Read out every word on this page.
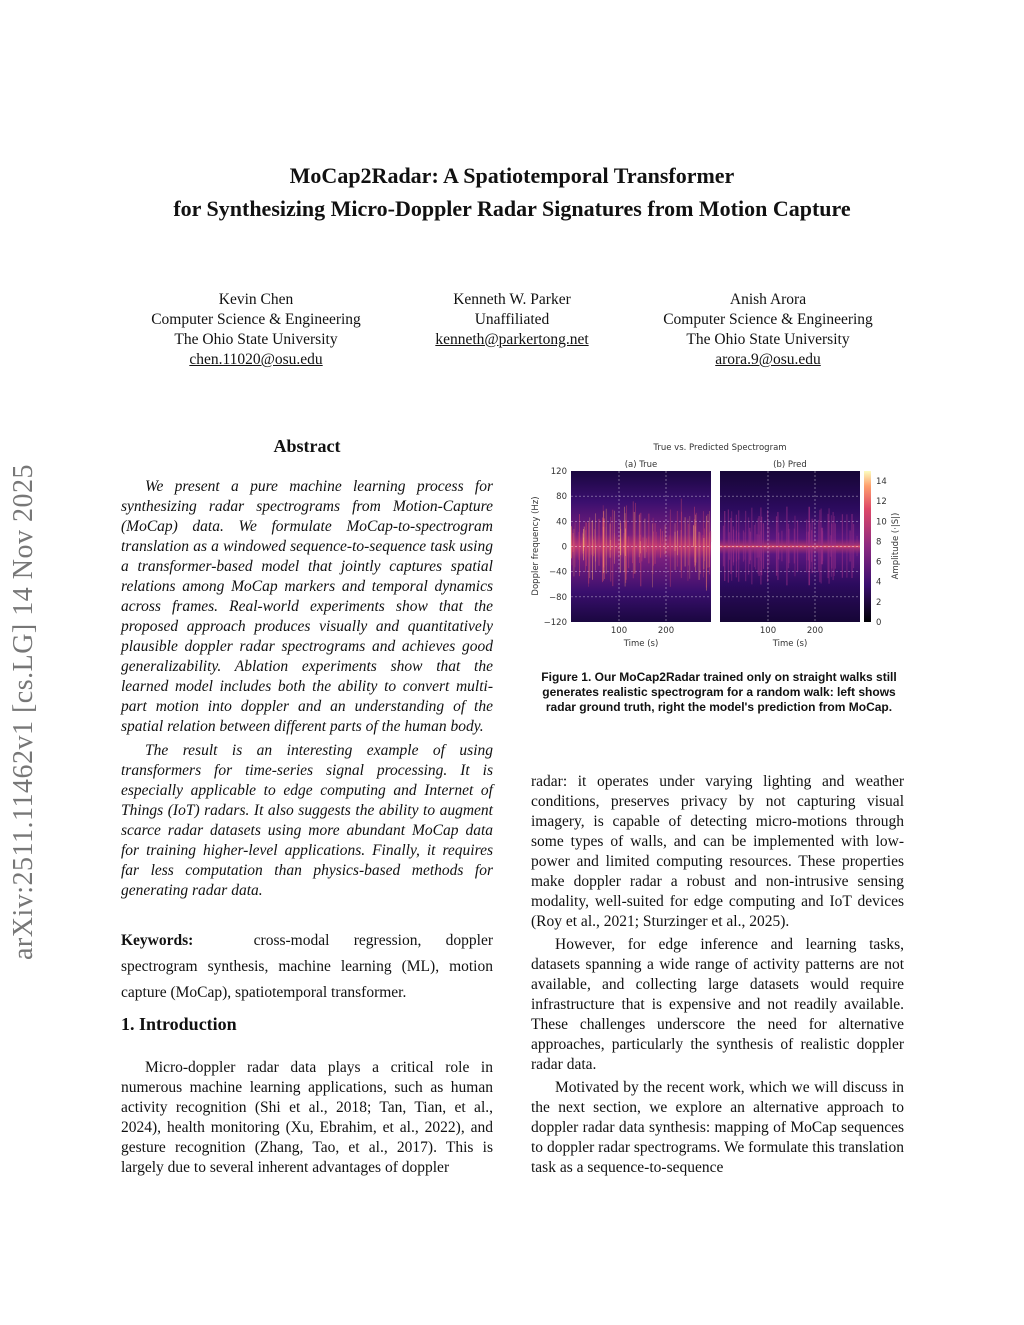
arXiv:2511.11462v1 [cs.LG] 14 Nov 2025
MoCap2Radar: A Spatiotemporal Transformer
for Synthesizing Micro-Doppler Radar Signatures from Motion Capture
Kevin Chen
Computer Science & Engineering
The Ohio State University
chen.11020@osu.edu
Kenneth W. Parker
Unaffiliated
kenneth@parkertong.net
Anish Arora
Computer Science & Engineering
The Ohio State University
arora.9@osu.edu
Abstract

We present a pure machine learning process for synthesizing radar spectrograms from Motion-Capture (MoCap) data. We formulate MoCap-to-spectrogram translation as a windowed sequence-to-sequence task using a transformer-based model that jointly captures spatial relations among MoCap markers and temporal dynamics across frames. Real-world experiments show that the proposed approach produces visually and quantitatively plausible doppler radar spectrograms and achieves good generalizability. Ablation experiments show that the learned model includes both the ability to convert multi-part motion into doppler and an understanding of the spatial relation between different parts of the human body.

The result is an interesting example of using transformers for time-series signal processing. It is especially applicable to edge computing and Internet of Things (IoT) radars. It also suggests the ability to augment scarce radar datasets using more abundant MoCap data for training higher-level applications. Finally, it requires far less computation than physics-based methods for generating radar data.

Keywords:	cross-modal regression, doppler spectrogram synthesis, machine learning (ML), motion capture (MoCap), spatiotemporal transformer.
1. Introduction

Micro-doppler radar data plays a critical role in numerous machine learning applications, such as human activity recognition (Shi et al., 2018; Tan, Tian, et al., 2024), health monitoring (Xu, Ebrahim, et al., 2022), and gesture recognition (Zhang, Tao, et al., 2017). This is largely due to several inherent advantages of doppler

True vs. Predicted Spectrogram
(a) True	(b) Pred
120
80
40
0
−40
−80
−120
100	200	100	200
Time (s)	Time (s)
Doppler frequency (Hz)
14
12
10
8
6
4
2
0
Amplitude (·|S|)
Figure 1. Our MoCap2Radar trained only on straight walks still generates realistic spectrogram for a random walk: left shows radar ground truth, right the model's prediction from MoCap.

radar: it operates under varying lighting and weather conditions, preserves privacy by not capturing visual imagery, is capable of detecting micro-motions through some types of walls, and can be implemented with low-power and limited computing resources. These properties make doppler radar a robust and non-intrusive sensing modality, well-suited for edge computing and IoT devices (Roy et al., 2021; Sturzinger et al., 2025).

However, for edge inference and learning tasks, datasets spanning a wide range of activity patterns are not available, and collecting large datasets would require infrastructure that is expensive and not readily available. These challenges underscore the need for alternative approaches, particularly the synthesis of realistic doppler radar data.

Motivated by the recent work, which we will discuss in the next section, we explore an alternative approach to doppler radar data synthesis: mapping of MoCap sequences to doppler radar spectrograms. We formulate this translation task as a sequence-to-sequence
